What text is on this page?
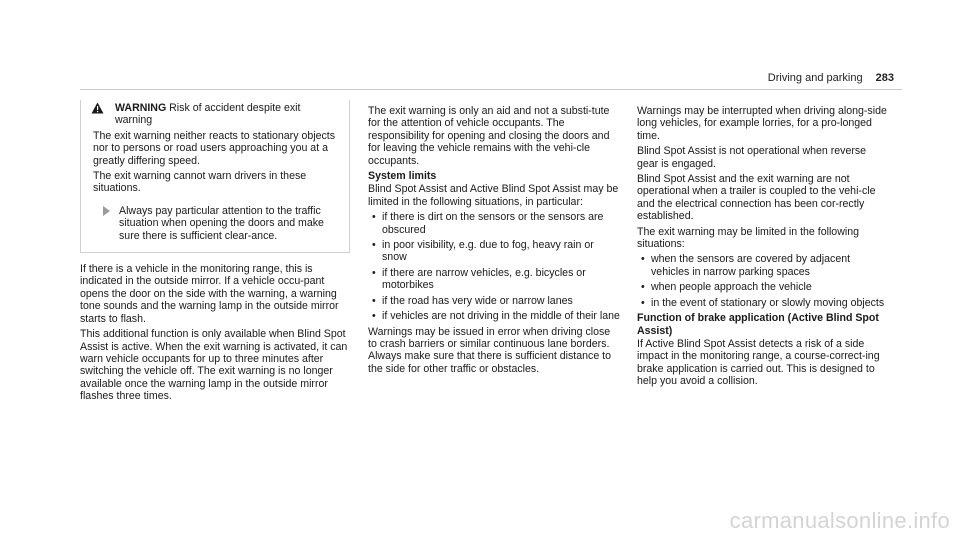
Driving and parking 283

WARNING Risk of accident despite exit warning

The exit warning neither reacts to stationary objects nor to persons or road users approaching you at a greatly differing speed.

The exit warning cannot warn drivers in these situations.

Always pay particular attention to the traffic situation when opening the doors and make sure there is sufficient clear-ance.

If there is a vehicle in the monitoring range, this is indicated in the outside mirror. If a vehicle occu-pant opens the door on the side with the warning, a warning tone sounds and the warning lamp in the outside mirror starts to flash.

This additional function is only available when Blind Spot Assist is active. When the exit warning is activated, it can warn vehicle occupants for up to three minutes after switching the vehicle off. The exit warning is no longer available once the warning lamp in the outside mirror flashes three times.

The exit warning is only an aid and not a substi-tute for the attention of vehicle occupants. The responsibility for opening and closing the doors and for leaving the vehicle remains with the vehi-cle occupants.

System limits

Blind Spot Assist and Active Blind Spot Assist may be limited in the following situations, in particular:

• if there is dirt on the sensors or the sensors are obscured
• in poor visibility, e.g. due to fog, heavy rain or snow
• if there are narrow vehicles, e.g. bicycles or motorbikes
• if the road has very wide or narrow lanes
• if vehicles are not driving in the middle of their lane

Warnings may be issued in error when driving close to crash barriers or similar continuous lane borders. Always make sure that there is sufficient distance to the side for other traffic or obstacles.

Warnings may be interrupted when driving along-side long vehicles, for example lorries, for a pro-longed time.

Blind Spot Assist is not operational when reverse gear is engaged.

Blind Spot Assist and the exit warning are not operational when a trailer is coupled to the vehi-cle and the electrical connection has been cor-rectly established.

The exit warning may be limited in the following situations:

• when the sensors are covered by adjacent vehicles in narrow parking spaces
• when people approach the vehicle
• in the event of stationary or slowly moving objects
Function of brake application (Active Blind Spot Assist)

If Active Blind Spot Assist detects a risk of a side impact in the monitoring range, a course-correct-ing brake application is carried out. This is designed to help you avoid a collision.

carmanualsonline.info
